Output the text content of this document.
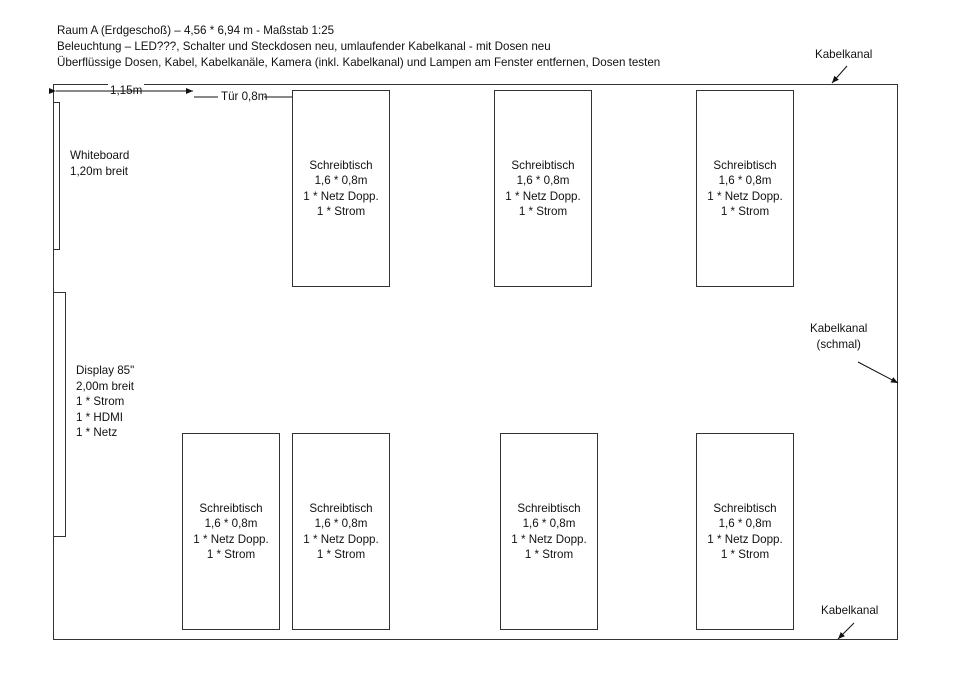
Raum A (Erdgeschoß) – 4,56 * 6,94 m - Maßstab 1:25
Beleuchtung – LED???, Schalter und Steckdosen neu, umlaufender Kabelkanal - mit Dosen neu
Überflüssige Dosen, Kabel, Kabelkanäle, Kamera (inkl. Kabelkanal) und Lampen am Fenster entfernen, Dosen testen
Whiteboard
1,20m breit
Display 85"
2,00m breit
1 * Strom
1 * HDMI
1 * Netz
Schreibtisch
1,6 * 0,8m
1 * Netz Dopp.
1 * Strom
Schreibtisch
1,6 * 0,8m
1 * Netz Dopp.
1 * Strom
Schreibtisch
1,6 * 0,8m
1 * Netz Dopp.
1 * Strom
Schreibtisch
1,6 * 0,8m
1 * Netz Dopp.
1 * Strom
Schreibtisch
1,6 * 0,8m
1 * Netz Dopp.
1 * Strom
Schreibtisch
1,6 * 0,8m
1 * Netz Dopp.
1 * Strom
Schreibtisch
1,6 * 0,8m
1 * Netz Dopp.
1 * Strom
1,15m	Tür 0,8m
Kabelkanal
Kabelkanal
(schmal)
Kabelkanal
